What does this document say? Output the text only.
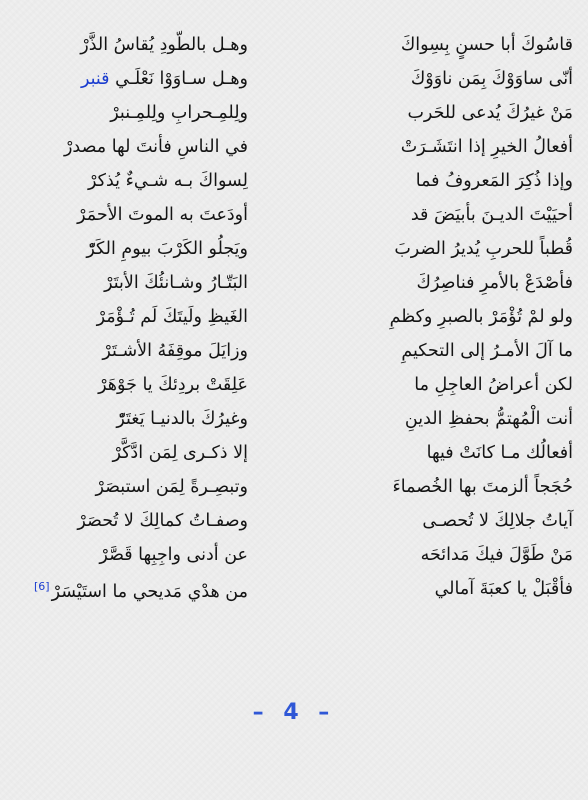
قاسُوكَ أبا حسنٍ بِسِواكَ
وهـل بالطّودِ يُقاسُ الذَّرْ
أنّى ساوَوْكَ بِمَن ناوَوْكَ
وهـل سـاوَوْا نَعْلَـي قنبر
مَنْ غيرُكَ يُدعى للحَرب
ولِلمِـحرابِ ولِلمِـنبرْ
أفعالُ الخيرِ إذا انتَشَـرَتْ
في الناسِ فأنتَ لها مصدرْ
وإذا ذُكِرَ المَعروفُ فما
لِسواكَ بـه شـيءٌ يُذكرْ
أحيَيْتَ الديـنَ بأبيَضَ قد
أودَعتَ به الموتَ الأحمَرْ
قُطباً للحربِ يُديرُ الضربَ
ويَجلُو الكَرْبَ بيومِ الكَرّْ
فأصْدَعْ بالأمرِ فناصِرُكَ
البَتّـارُ وشـانئُكَ الأبتَرْ
ولو لمْ تُؤْمَرْ بالصبرِ وكظمِ
الغَيظِ ولَيتَكَ لَم تُـؤْمَرْ
ما آلَ الأمـرُ إلى التحكيمِ
وزايَلَ موقِفَهُ الأشـتَرْ
لكن أعراضُ العاجِلِ ما
عَلِقَتْ بردِئكَ يا جَوْهَرْ
أنت الْمُهتمُّ بحفظِ الدينِ
وغيرُكَ بالدنيـا يَغتَرّْ
أفعالُك مـا كانَتْ فيها
إلا ذكـرى لِمَن ادَّكَّرْ
حُجَجاً ألزمتَ بها الخُصماءَ
وتبصِـرةً لِمَن استبصَرْ
آياتُ جلالِكَ لا تُحصـى
وصفـاتُ كمالِكَ لا تُحصَرْ
مَنْ طَوَّلَ فيكَ مَدائحَه
عن أدنى واجِبِها قَصَّرْ
فأقْبَلْ يا كعبَةَ آمالي
من هدْي مَديحي ما استَيْسَرْ[6]
– 4 –
